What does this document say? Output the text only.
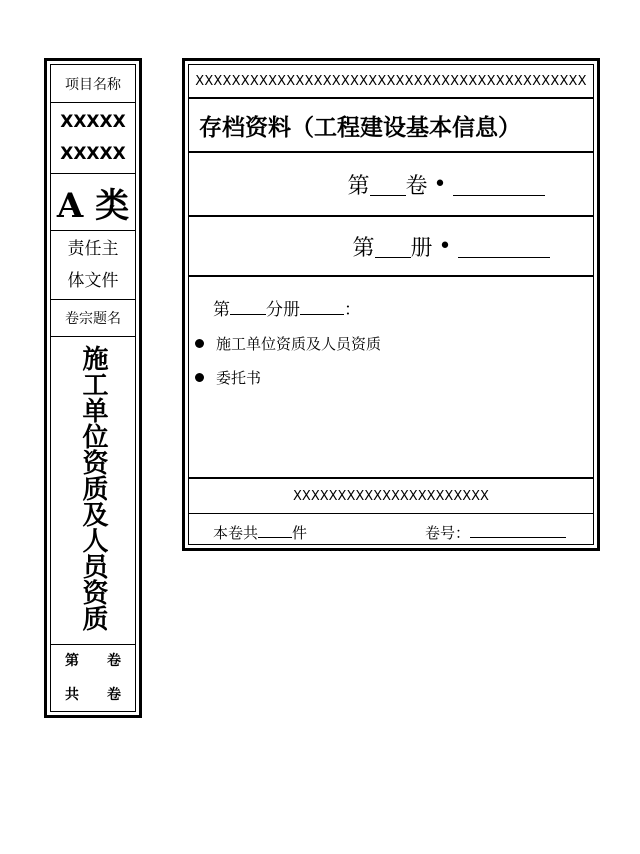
项目名称
XXXXXXXXXX
A 类
责任主体文件
卷宗题名
施工单位资质及人员资质
第 卷
共 卷
XXXXXXXXXXXXXXXXXXXXXXXXXXXXXXXXXXXXXXXXXXX
存档资料（工程建设基本信息）
第 卷 •
第 册 •
第 分册	：
施工单位资质及人员资质
委托书
XXXXXXXXXXXXXXXXXXXXXX
本卷共 件	卷号：
